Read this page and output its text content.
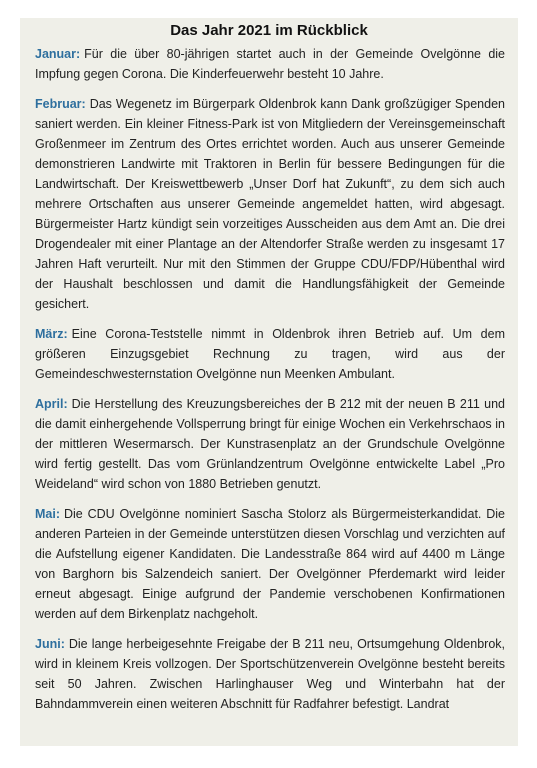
Das Jahr 2021 im Rückblick

Januar: Für die über 80-jährigen startet auch in der Gemeinde Ovelgönne die Impfung gegen Corona. Die Kinderfeuerwehr besteht 10 Jahre.

Februar: Das Wegenetz im Bürgerpark Oldenbrok kann Dank großzügiger Spenden saniert werden. Ein kleiner Fitness-Park ist von Mitgliedern der Vereinsgemeinschaft Großenmeer im Zentrum des Ortes errichtet worden. Auch aus unserer Gemeinde demonstrieren Landwirte mit Traktoren in Berlin für bessere Bedingungen für die Landwirtschaft. Der Kreiswettbewerb „Unser Dorf hat Zukunft“, zu dem sich auch mehrere Ortschaften aus unserer Gemeinde angemeldet hatten, wird abgesagt. Bürgermeister Hartz kündigt sein vorzeitiges Ausscheiden aus dem Amt an. Die drei Drogendealer mit einer Plantage an der Altendorfer Straße werden zu insgesamt 17 Jahren Haft verurteilt. Nur mit den Stimmen der Gruppe CDU/FDP/Hübenthal wird der Haushalt beschlossen und damit die Handlungsfähigkeit der Gemeinde gesichert.

März: Eine Corona-Teststelle nimmt in Oldenbrok ihren Betrieb auf. Um dem größeren Einzugsgebiet Rechnung zu tragen, wird aus der Gemeindeschwesternstation Ovelgönne nun Meenken Ambulant.

April: Die Herstellung des Kreuzungsbereiches der B 212 mit der neuen B 211 und die damit einhergehende Vollsperrung bringt für einige Wochen ein Verkehrschaos in der mittleren Wesermarsch. Der Kunstrasenplatz an der Grundschule Ovelgönne wird fertig gestellt. Das vom Grünlandzentrum Ovelgönne entwickelte Label „Pro Weideland“ wird schon von 1880 Betrieben genutzt.

Mai: Die CDU Ovelgönne nominiert Sascha Stolorz als Bürgermeisterkandidat. Die anderen Parteien in der Gemeinde unterstützen diesen Vorschlag und verzichten auf die Aufstellung eigener Kandidaten. Die Landesstraße 864 wird auf 4400 m Länge von Barghorn bis Salzendeich saniert. Der Ovelgönner Pferdemarkt wird leider erneut abgesagt. Einige aufgrund der Pandemie verschobenen Konfirmationen werden auf dem Birkenplatz nachgeholt.

Juni: Die lange herbeigesehnte Freigabe der B 211 neu, Ortsumgehung Oldenbrok, wird in kleinem Kreis vollzogen. Der Sportschützenverein Ovelgönne besteht bereits seit 50 Jahren. Zwischen Harlinghauser Weg und Winterbahn hat der Bahndammverein einen weiteren Abschnitt für Radfahrer befestigt. Landrat
